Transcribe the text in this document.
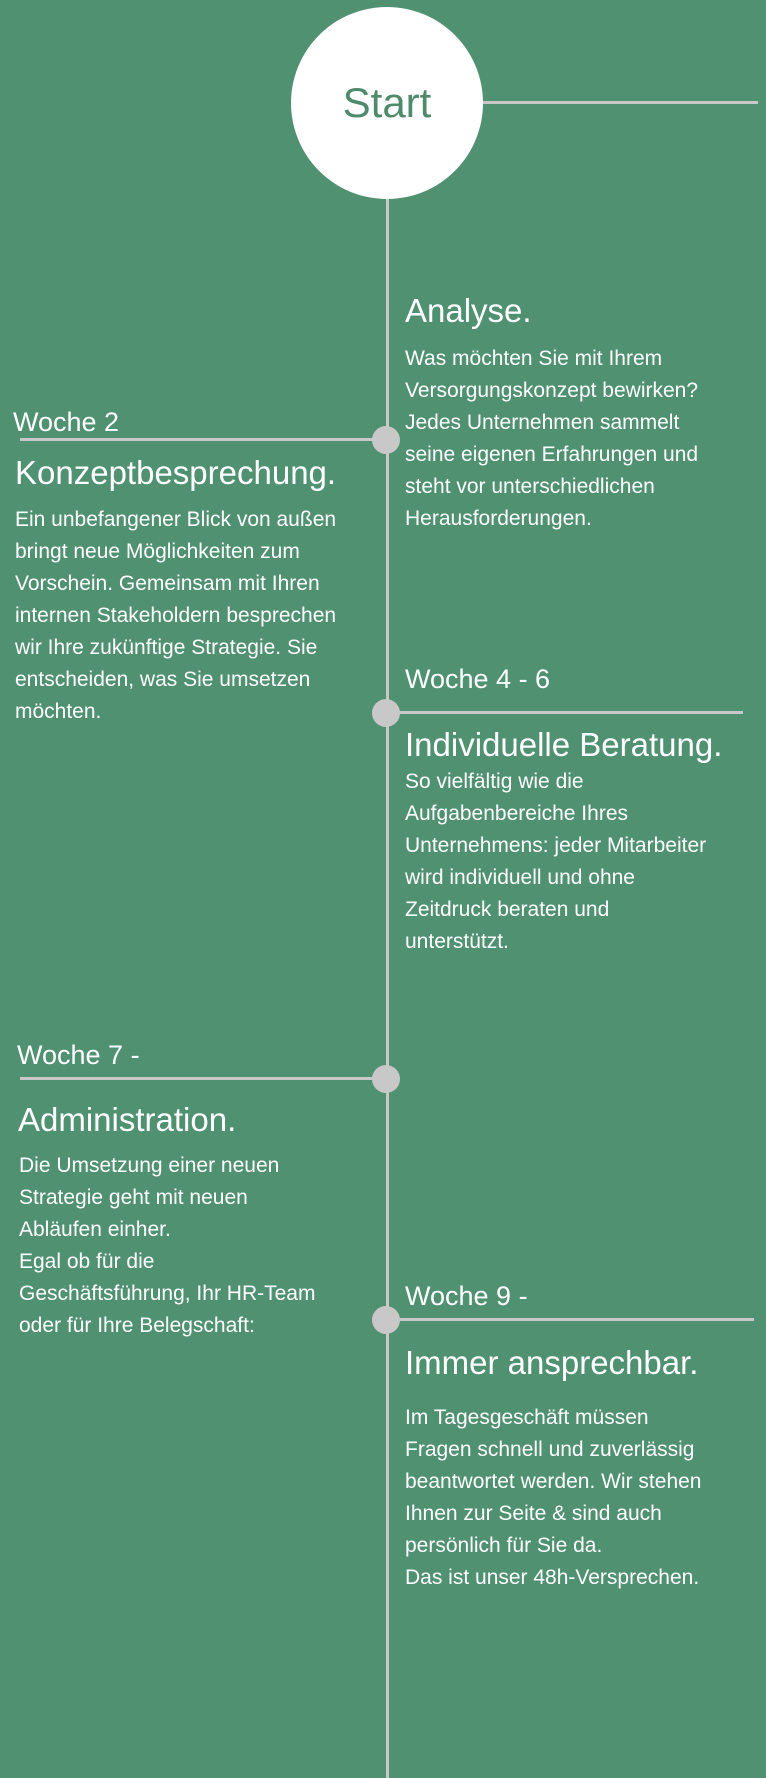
Start
Analyse.
Was möchten Sie mit Ihrem
Versorgungskonzept bewirken?
Jedes Unternehmen sammelt
seine eigenen Erfahrungen und
steht vor unterschiedlichen
Herausforderungen.
Woche 2
Konzeptbesprechung.
Ein unbefangener Blick von außen
bringt neue Möglichkeiten zum
Vorschein. Gemeinsam mit Ihren
internen Stakeholdern besprechen
wir Ihre zukünftige Strategie. Sie
entscheiden, was Sie umsetzen
möchten.
Woche 4 - 6
Individuelle Beratung.
So vielfältig wie die
Aufgabenbereiche Ihres
Unternehmens: jeder Mitarbeiter
wird individuell und ohne
Zeitdruck beraten und
unterstützt.
Woche 7 -
Administration.
Die Umsetzung einer neuen
Strategie geht mit neuen
Abläufen einher.
Egal ob für die
Geschäftsführung, Ihr HR-Team
oder für Ihre Belegschaft:
Woche 9 -
Immer ansprechbar.
Im Tagesgeschäft müssen
Fragen schnell und zuverlässig
beantwortet werden. Wir stehen
Ihnen zur Seite & sind auch
persönlich für Sie da.
Das ist unser 48h-Versprechen.
